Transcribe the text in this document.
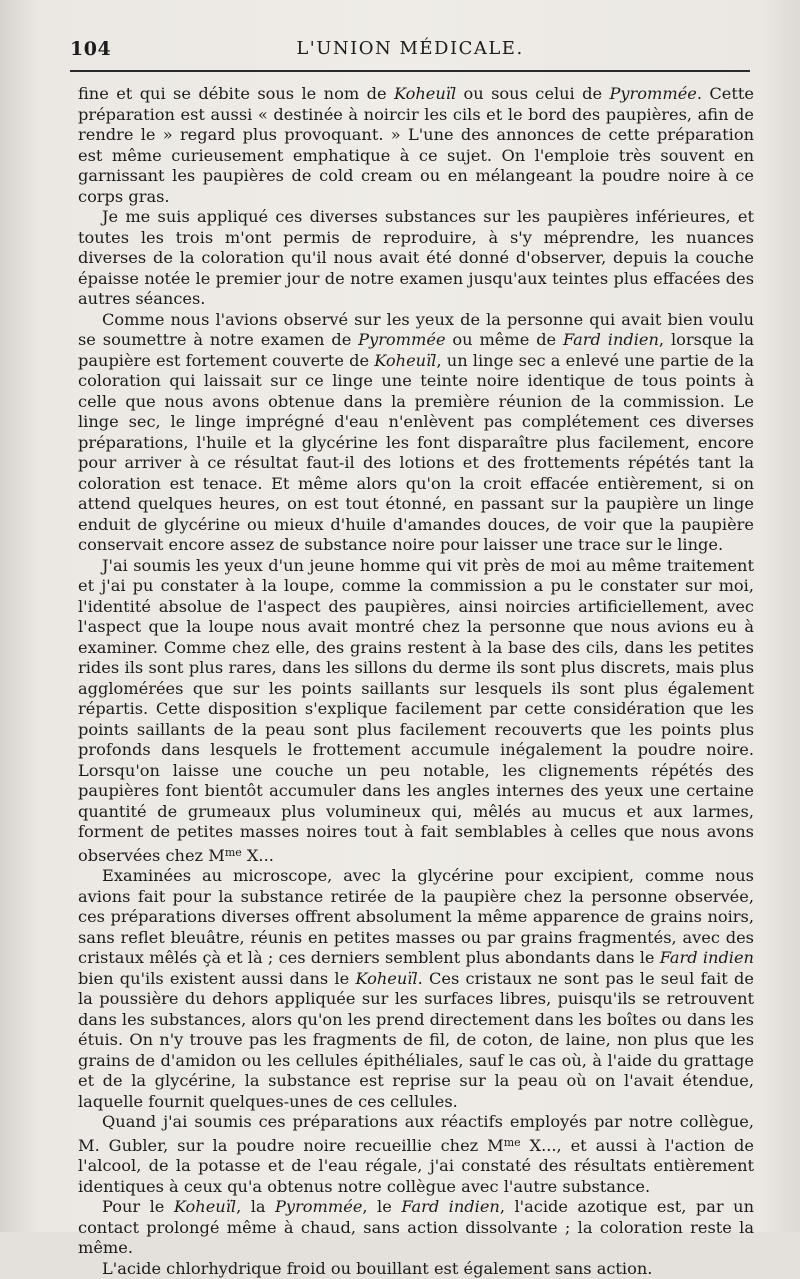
104	L'UNION MÉDICALE.

fine et qui se débite sous le nom de Koheuïl ou sous celui de Pyrommée. Cette préparation est aussi « destinée à noircir les cils et le bord des paupières, afin de rendre le » regard plus provoquant. » L'une des annonces de cette préparation est même curieusement emphatique à ce sujet. On l'emploie très souvent en garnissant les paupières de cold cream ou en mélangeant la poudre noire à ce corps gras.

Je me suis appliqué ces diverses substances sur les paupières inférieures, et toutes les trois m'ont permis de reproduire, à s'y méprendre, les nuances diverses de la coloration qu'il nous avait été donné d'observer, depuis la couche épaisse notée le premier jour de notre examen jusqu'aux teintes plus effacées des autres séances.

Comme nous l'avions observé sur les yeux de la personne qui avait bien voulu se soumettre à notre examen de Pyrommée ou même de Fard indien, lorsque la paupière est fortement couverte de Koheuïl, un linge sec a enlevé une partie de la coloration qui laissait sur ce linge une teinte noire identique de tous points à celle que nous avons obtenue dans la première réunion de la commission. Le linge sec, le linge imprégné d'eau n'enlèvent pas complétement ces diverses préparations, l'huile et la glycérine les font disparaître plus facilement, encore pour arriver à ce résultat faut-il des lotions et des frottements répétés tant la coloration est tenace. Et même alors qu'on la croit effacée entièrement, si on attend quelques heures, on est tout étonné, en passant sur la paupière un linge enduit de glycérine ou mieux d'huile d'amandes douces, de voir que la paupière conservait encore assez de substance noire pour laisser une trace sur le linge.

J'ai soumis les yeux d'un jeune homme qui vit près de moi au même traitement et j'ai pu constater à la loupe, comme la commission a pu le constater sur moi, l'identité absolue de l'aspect des paupières, ainsi noircies artificiellement, avec l'aspect que la loupe nous avait montré chez la personne que nous avions eu à examiner. Comme chez elle, des grains restent à la base des cils, dans les petites rides ils sont plus rares, dans les sillons du derme ils sont plus discrets, mais plus agglomérées que sur les points saillants sur lesquels ils sont plus également répartis. Cette disposition s'explique facilement par cette considération que les points saillants de la peau sont plus facilement recouverts que les points plus profonds dans lesquels le frottement accumule inégalement la poudre noire. Lorsqu'on laisse une couche un peu notable, les clignements répétés des paupières font bientôt accumuler dans les angles internes des yeux une certaine quantité de grumeaux plus volumineux qui, mêlés au mucus et aux larmes, forment de petites masses noires tout à fait semblables à celles que nous avons observées chez $M^{me}$ X...

Examinées au microscope, avec la glycérine pour excipient, comme nous avions fait pour la substance retirée de la paupière chez la personne observée, ces préparations diverses offrent absolument la même apparence de grains noirs, sans reflet bleuâtre, réunis en petites masses ou par grains fragmentés, avec des cristaux mêlés çà et là ; ces derniers semblent plus abondants dans le Fard indien bien qu'ils existent aussi dans le Koheuïl. Ces cristaux ne sont pas le seul fait de la poussière du dehors appliquée sur les surfaces libres, puisqu'ils se retrouvent dans les substances, alors qu'on les prend directement dans les boîtes ou dans les étuis. On n'y trouve pas les fragments de fil, de coton, de laine, non plus que les grains de d'amidon ou les cellules épithéliales, sauf le cas où, à l'aide du grattage et de la glycérine, la substance est reprise sur la peau où on l'avait étendue, laquelle fournit quelques-unes de ces cellules.

Quand j'ai soumis ces préparations aux réactifs employés par notre collègue, M. Gubler, sur la poudre noire recueillie chez $M^{me}$ X..., et aussi à l'action de l'alcool, de la potasse et de l'eau régale, j'ai constaté des résultats entièrement identiques à ceux qu'a obtenus notre collègue avec l'autre substance.

Pour le Koheuïl, la Pyrommée, le Fard indien, l'acide azotique est, par un contact prolongé même à chaud, sans action dissolvante ; la coloration reste la même.

L'acide chlorhydrique froid ou bouillant est également sans action.
